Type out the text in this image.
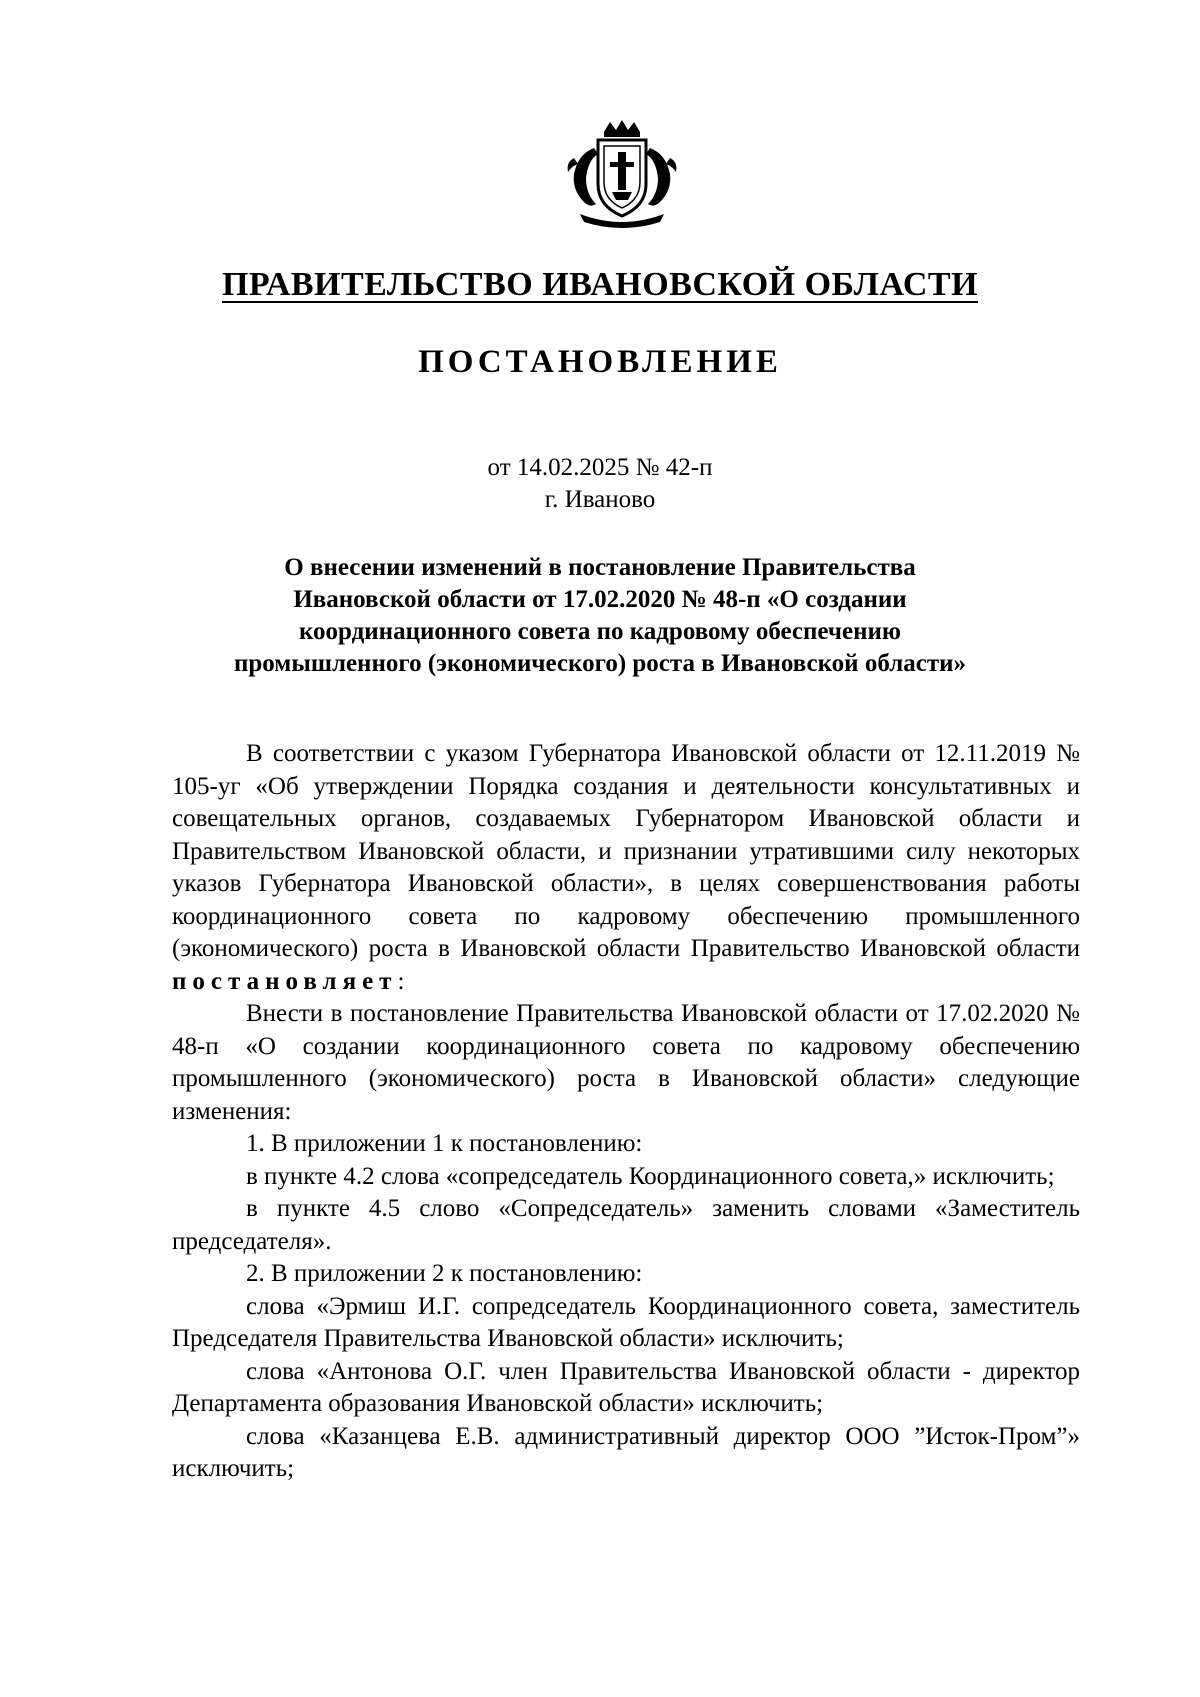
ПРАВИТЕЛЬСТВО ИВАНОВСКОЙ ОБЛАСТИ
ПОСТАНОВЛЕНИЕ
от 14.02.2025 № 42-п
г. Иваново
О внесении изменений в постановление Правительства
Ивановской области от 17.02.2020 № 48-п «О создании
координационного совета по кадровому обеспечению
промышленного (экономического) роста в Ивановской области»

В соответствии с указом Губернатора Ивановской области от 12.11.2019 № 105-уг «Об утверждении Порядка создания и деятельности консультативных и совещательных органов, создаваемых Губернатором Ивановской области и Правительством Ивановской области, и признании утратившими силу некоторых указов Губернатора Ивановской области», в целях совершенствования работы координационного совета по кадровому обеспечению промышленного (экономического) роста в Ивановской области Правительство Ивановской области постановляет:

Внести в постановление Правительства Ивановской области от 17.02.2020 № 48-п «О создании координационного совета по кадровому обеспечению промышленного (экономического) роста в Ивановской области» следующие изменения:

1. В приложении 1 к постановлению:

в пункте 4.2 слова «сопредседатель Координационного совета,» исключить;

в пункте 4.5 слово «Сопредседатель» заменить словами «Заместитель председателя».

2. В приложении 2 к постановлению:

слова «Эрмиш И.Г. сопредседатель Координационного совета, заместитель Председателя Правительства Ивановской области» исключить;

слова «Антонова О.Г. член Правительства Ивановской области - директор Департамента образования Ивановской области» исключить;

слова «Казанцева Е.В. административный директор ООО ”Исток-Пром”» исключить;
